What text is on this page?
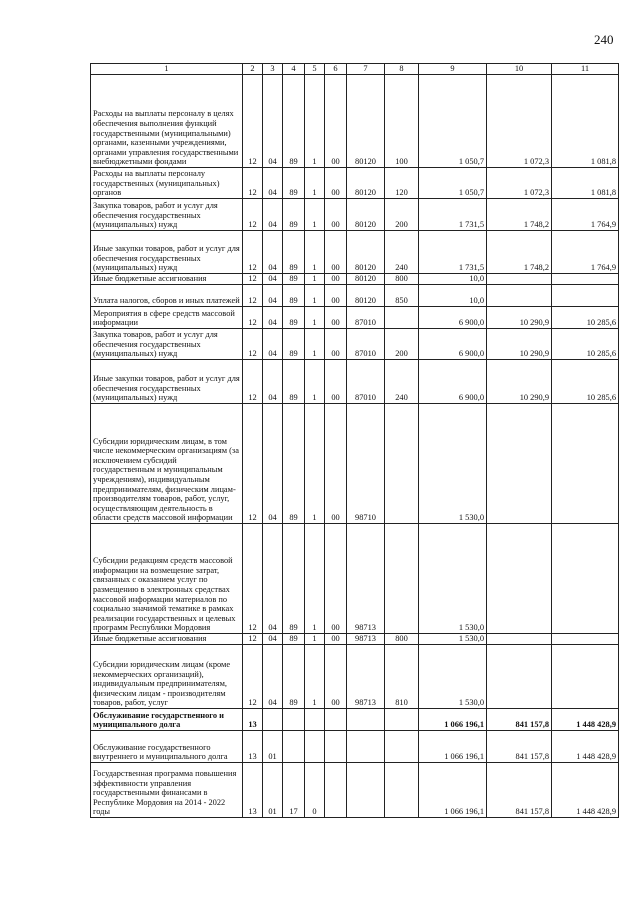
240
1	2	3	4	5	6	7	8	9	10	11
Расходы на выплаты персоналу в целях обеспечения выполнения функций государственными (муниципальными) органами, казенными учреждениями, органами управления государственными внебюджетными фондами	12	04	89	1	00	80120	100	1 050,7	1 072,3	1 081,8
Расходы на выплаты персоналу государственных (муниципальных) органов	12	04	89	1	00	80120	120	1 050,7	1 072,3	1 081,8
Закупка товаров, работ и услуг для обеспечения государственных (муниципальных) нужд	12	04	89	1	00	80120	200	1 731,5	1 748,2	1 764,9
Иные закупки товаров, работ и услуг для обеспечения государственных (муниципальных) нужд	12	04	89	1	00	80120	240	1 731,5	1 748,2	1 764,9
Иные бюджетные ассигнования	12	04	89	1	00	80120	800	10,0		
Уплата налогов, сборов и иных платежей	12	04	89	1	00	80120	850	10,0		
Мероприятия в сфере средств массовой информации	12	04	89	1	00	87010		6 900,0	10 290,9	10 285,6
Закупка товаров, работ и услуг для обеспечения государственных (муниципальных) нужд	12	04	89	1	00	87010	200	6 900,0	10 290,9	10 285,6
Иные закупки товаров, работ и услуг для обеспечения государственных (муниципальных) нужд	12	04	89	1	00	87010	240	6 900,0	10 290,9	10 285,6
Субсидии юридическим лицам, в том числе некоммерческим организациям (за исключением субсидий государственным и муниципальным учреждениям), индивидуальным предпринимателям, физическим лицам- производителям товаров, работ, услуг, осуществляющим деятельность в области средств массовой информации	12	04	89	1	00	98710		1 530,0		
Субсидии редакциям средств массовой информации на возмещение затрат, связанных с оказанием услуг по размещению в электронных средствах массовой информации материалов по социально значимой тематике в рамках реализации государственных и целевых программ Республики Мордовия	12	04	89	1	00	98713		1 530,0		
Иные бюджетные ассигнования	12	04	89	1	00	98713	800	1 530,0		
Субсидии юридическим лицам (кроме некоммерческих организаций), индивидуальным предпринимателям, физическим лицам - производителям товаров, работ, услуг	12	04	89	1	00	98713	810	1 530,0		
Обслуживание государственного и муниципального долга	13							1 066 196,1	841 157,8	1 448 428,9
Обслуживание государственного внутреннего и муниципального долга	13	01						1 066 196,1	841 157,8	1 448 428,9
Государственная программа повышения эффективности управления государственными финансами в Республике Мордовия на 2014 - 2022 годы	13	01	17	0				1 066 196,1	841 157,8	1 448 428,9
